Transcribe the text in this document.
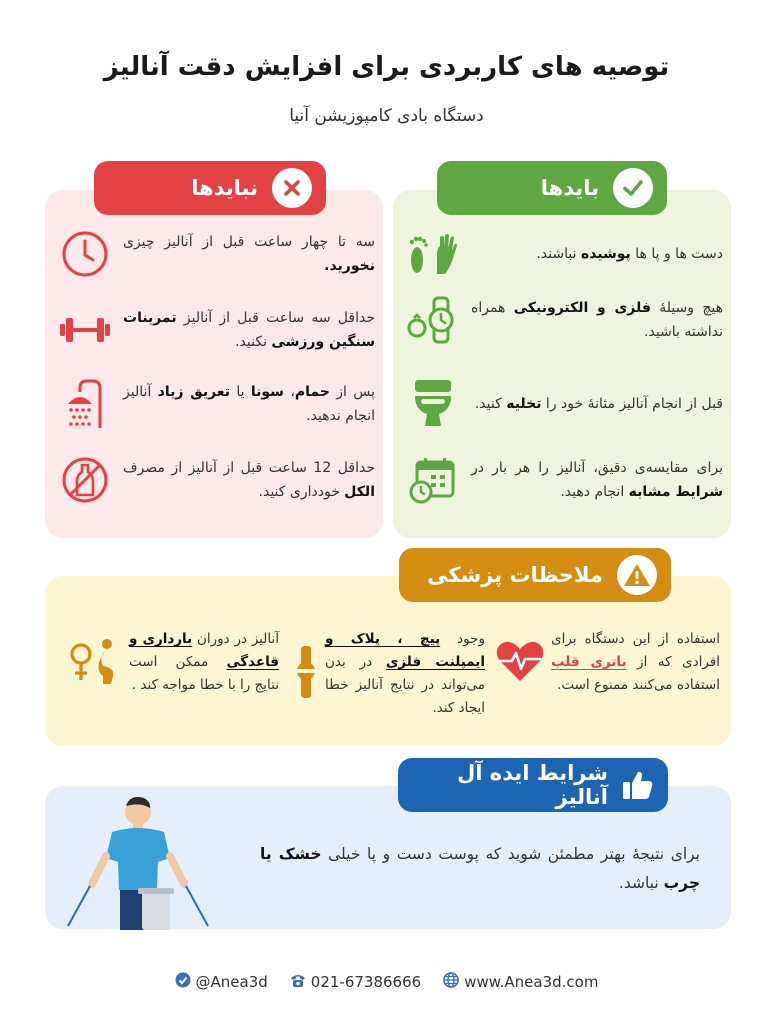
توصیه های کاربردی برای افزایش دقت آنالیز
دستگاه بادی کامپوزیشن آنیا
بایدها
دست ها و پا ها پوشیده نباشند.
هیچ وسیلهٔ فلزی و الکترونیکی همراه نداشته باشید.
قبل از انجام آنالیز مثانهٔ خود را تخلیه کنید.
برای مقایسه‌ی دقیق، آنالیز را هر بار در شرایط مشابه انجام دهید.
نبایدها
سه تا چهار ساعت قبل از آنالیز چیزی نخورید.
حداقل سه ساعت قبل از آنالیز تمرینات سنگین ورزشی نکنید.
پس از حمام، سونا یا تعریق زیاد آنالیز انجام ندهید.
حداقل 12 ساعت قبل از آنالیز از مصرف الکل خودداری کنید.
ملاحظات پزشکی
استفاده از این دستگاه برای افرادی که از باتری قلب استفاده می‌کنند ممنوع است.
وجود پیچ ، پلاک و ایمپلنت فلزی در بدن می‌تواند در نتایج آنالیز خطا ایجاد کند.
آنالیز در دوران بارداری و قاعدگی ممکن است نتایج را با خطا مواجه کند .
شرایط ایده آل آنالیز
برای نتیجهٔ بهتر مطمئن شوید که پوست دست و پا خیلی خشک یا چرب نباشد.
@Anea3d	021-67386666	www.Anea3d.com
